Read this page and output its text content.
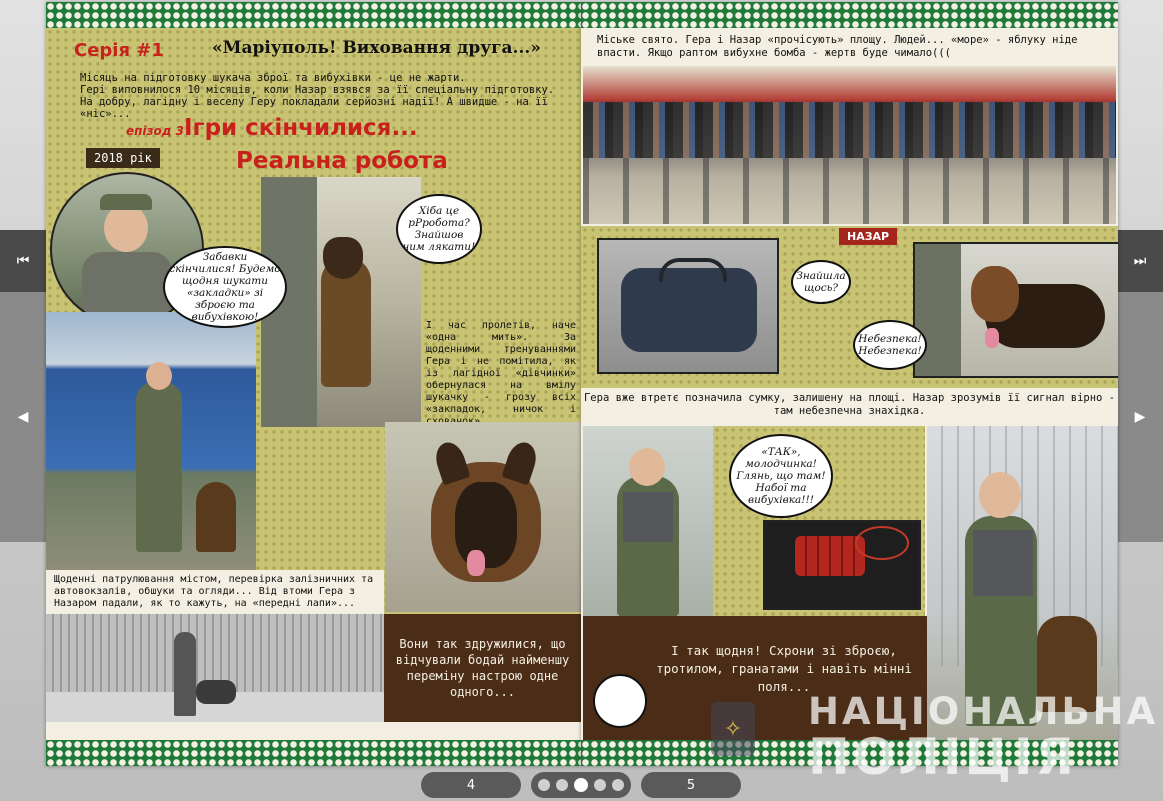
⏮
◀
⏭
▶
Серія #1	«Маріуполь! Виховання друга...»
Місяць на підготовку шукача зброї та вибухівки - це не жарти.
Гері виповнилося 10 місяців, коли Назар взявся за її спеціальну підготовку.
На добру, лагідну і веселу Геру покладали серйозні надії! А швидше - на її «ніс»...
епізод 3 Ігри скінчилися...
Реальна робота
2018 рік
Забавки скінчилися! Будемо щодня шукати «закладки» зі зброєю та вибухівкою!
Хіба це рРробота? Знайшов чим лякати!
І час пролетів, наче «одна мить». За щоденними тренуваннями Гера і не помітила, як із лагідної «дівчинки» обернулася на вмілу шукачку - грозу всіх «закладок, ничок і
Щоденні патрулювання містом, перевірка залізничних та автовокзалів, обшуки та огляди... Від втоми Гера з Назаром падали, як то кажуть, на «передні лапи»...
Вони так здружилися, що відчували бодай найменшу переміну настрою одне одного...
Міське свято. Гера і Назар «прочісують» площу. Людей... «море» - яблуку ніде впасти. Якщо раптом вибухне бомба - жертв буде чимало(((
НАЗАР
Знайшла щось?
Небезпека! Небезпека!
Гера вже втретє позначила сумку, залишену на площі. Назар зрозумів її сигнал вірно - там небезпечна знахідка.
«ТАК», молодчинка! Глянь, що там! Набої та вибухівка!!!
І так щодня! Схрони зі зброєю, тротилом, гранатами і навіть мінні поля...
✧	НАЦІОНАЛЬНА
ПОЛІЦІЯ
4	5
